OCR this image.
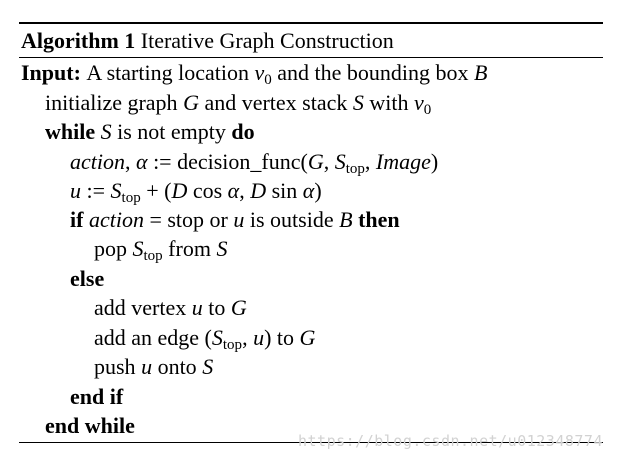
Algorithm 1 Iterative Graph Construction
Input: A starting location $v_0$ and the bounding box B
initialize graph G and vertex stack S with $v_0$
while S is not empty do
action, α := decision_func(G, $S_{top}$, Image)
u := $S_{top} + (D$ cos α, D sin α)
if action = stop or u is outside B then
pop $S_{top}$ from S
else
add vertex u to G
add an edge ($S_{top}$, u) to G
push u onto S
end if
end while
https://blog.csdn.net/u012348774
